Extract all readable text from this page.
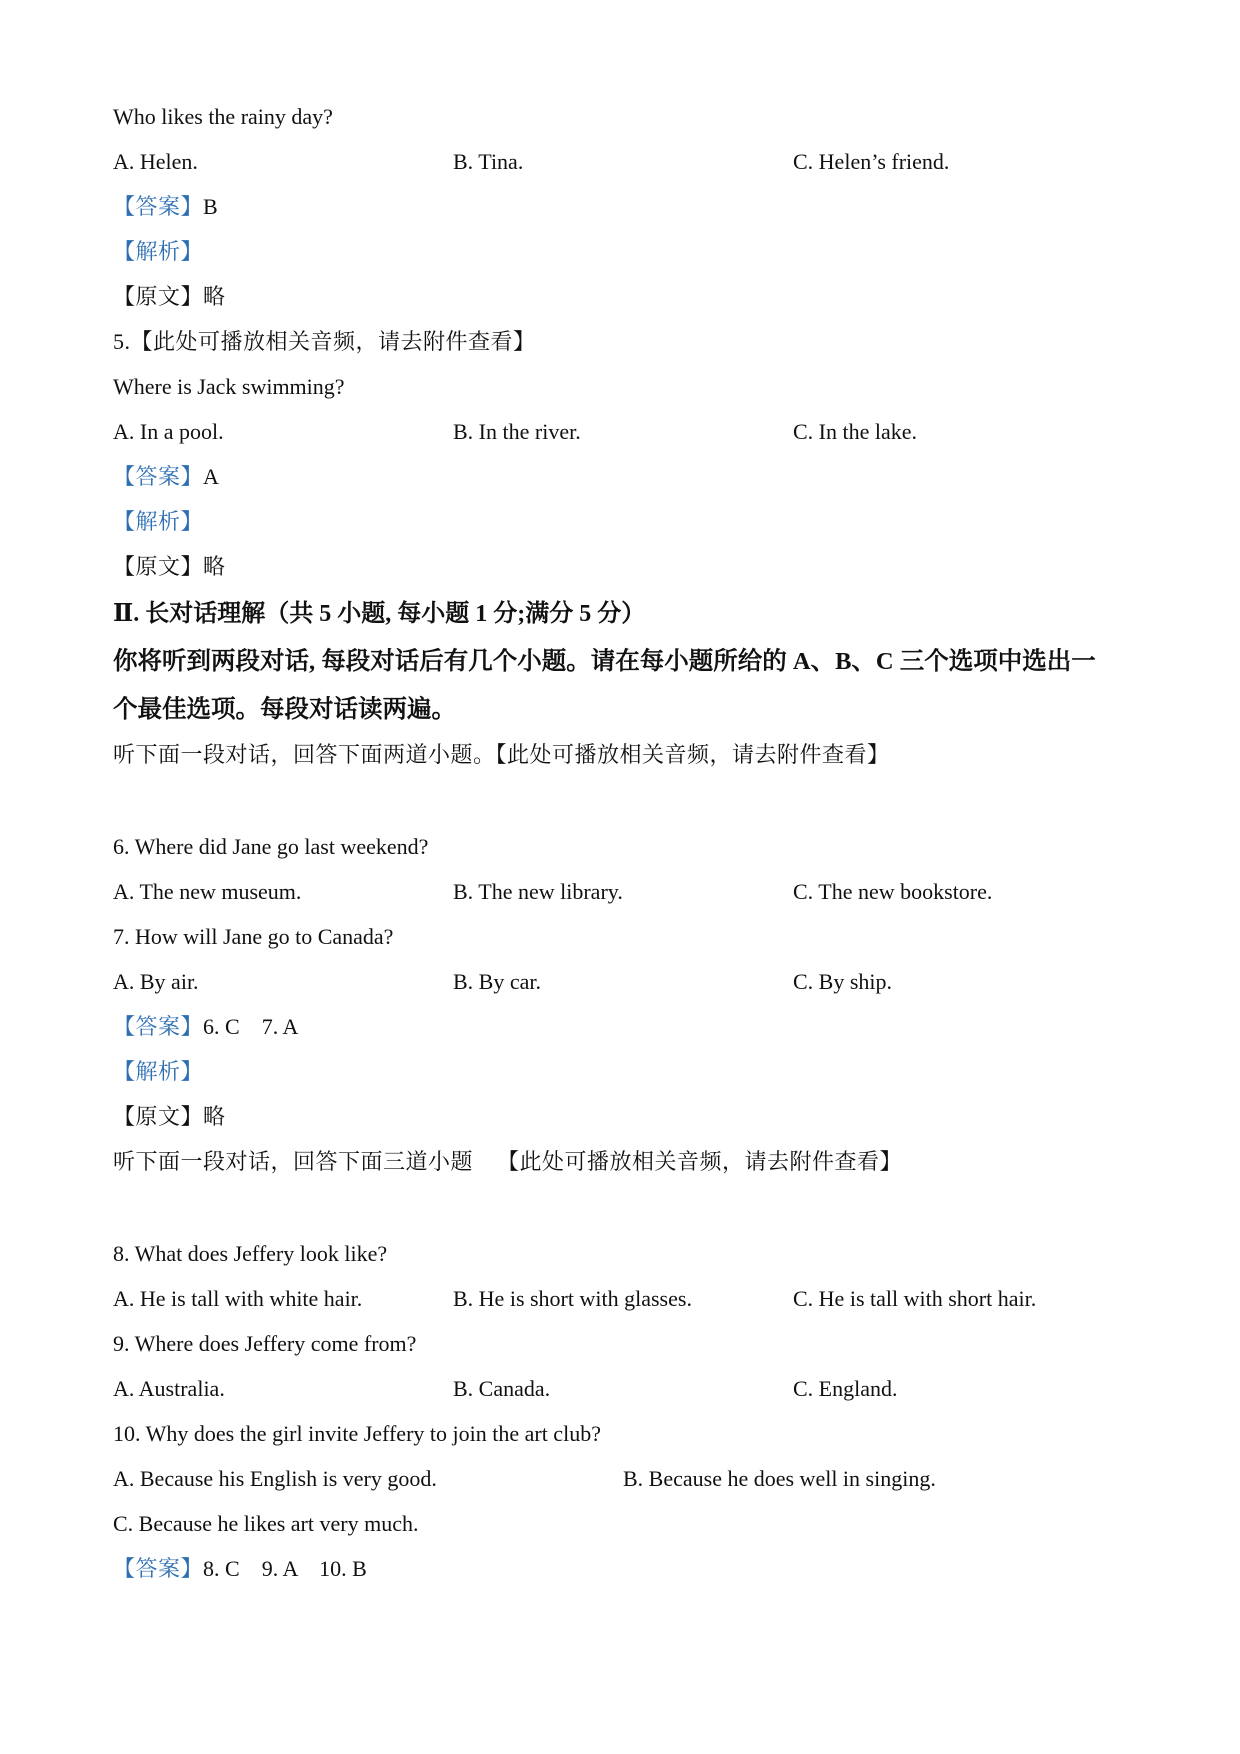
Who likes the rainy day?
A. Helen.	B. Tina.	C. Helen’s friend.
【答案】B
【解析】
【原文】略
5.【此处可播放相关音频，请去附件查看】
Where is Jack swimming?
A. In a pool.	B. In the river.	C. In the lake.
【答案】A
【解析】
【原文】略
Ⅱ. 长对话理解（共 5 小题, 每小题 1 分;满分 5 分）
你将听到两段对话, 每段对话后有几个小题。请在每小题所给的 A、B、C 三个选项中选出一
个最佳选项。每段对话读两遍。
听下面一段对话，回答下面两道小题。【此处可播放相关音频，请去附件查看】
6. Where did Jane go last weekend?
A. The new museum.	B. The new library.	C. The new bookstore.
7. How will Jane go to Canada?
A. By air.	B. By car.	C. By ship.
【答案】6. C    7. A
【解析】
【原文】略
听下面一段对话，回答下面三道小题    【此处可播放相关音频，请去附件查看】
8. What does Jeffery look like?
A. He is tall with white hair.	B. He is short with glasses.	C. He is tall with short hair.
9. Where does Jeffery come from?
A. Australia.	B. Canada.	C. England.
10. Why does the girl invite Jeffery to join the art club?
A. Because his English is very good.	B. Because he does well in singing.
C. Because he likes art very much.
【答案】8. C    9. A    10. B
